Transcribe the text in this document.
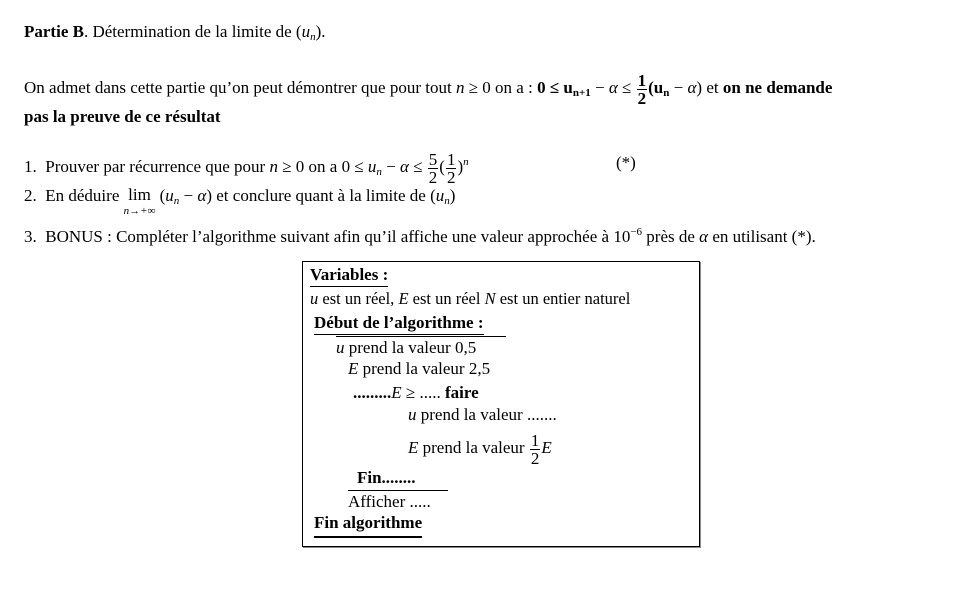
Partie B. Détermination de la limite de $(u_n)$.
On admet dans cette partie qu’on peut démontrer que pour tout n ≥ 0 on a : $0 \le u_{n+1} - \alpha \le \frac{1}{2} (u_n - \alpha)$ et on ne demande
pas la preuve de ce résultat
1. Prouver par récurrence que pour n ≥ 0 on a $0 \le u_n - \alpha \le \frac{5}{2}$ ( $\frac{1}{2} )^n$	(*)
2. En déduire lim
n→+∞
$(u_n - \alpha)$ et conclure quant à la limite de $(u_n)$
3. BONUS : Compléter l’algorithme suivant afin qu’il affiche une valeur approchée à $10^{-6}$ près de α en utilisant (*).
Variables :
u est un réel, E est un réel N est un entier naturel
Début de l’algorithme :
u prend la valeur 0,5
E prend la valeur 2,5
.........E ≥ ..... faire
u prend la valeur .......
E prend la valeur $\frac{1}{2}$ E
Fin........
Afficher .....
Fin algorithme
